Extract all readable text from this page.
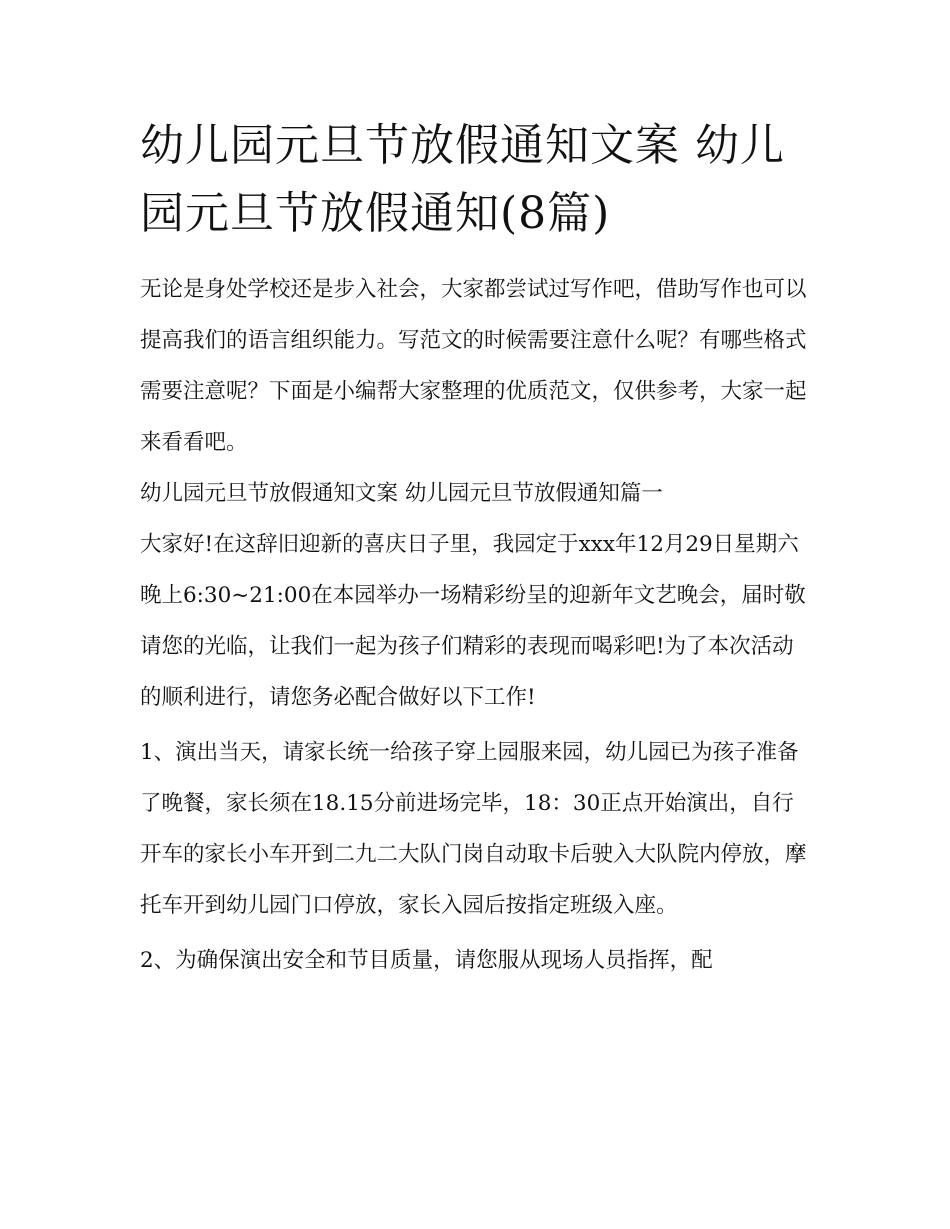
幼儿园元旦节放假通知文案 幼儿园元旦节放假通知(8篇)

无论是身处学校还是步入社会，大家都尝试过写作吧，借助写作也可以提高我们的语言组织能力。写范文的时候需要注意什么呢？有哪些格式需要注意呢？下面是小编帮大家整理的优质范文，仅供参考，大家一起来看看吧。

幼儿园元旦节放假通知文案 幼儿园元旦节放假通知篇一

大家好!在这辞旧迎新的喜庆日子里，我园定于xxx年12月29日星期六晚上6:30~21:00在本园举办一场精彩纷呈的迎新年文艺晚会，届时敬请您的光临，让我们一起为孩子们精彩的表现而喝彩吧!为了本次活动的顺利进行，请您务必配合做好以下工作!

1、演出当天，请家长统一给孩子穿上园服来园，幼儿园已为孩子准备了晚餐，家长须在18.15分前进场完毕，18：30正点开始演出，自行开车的家长小车开到二九二大队门岗自动取卡后驶入大队院内停放，摩托车开到幼儿园门口停放，家长入园后按指定班级入座。

2、为确保演出安全和节目质量，请您服从现场人员指挥，配
